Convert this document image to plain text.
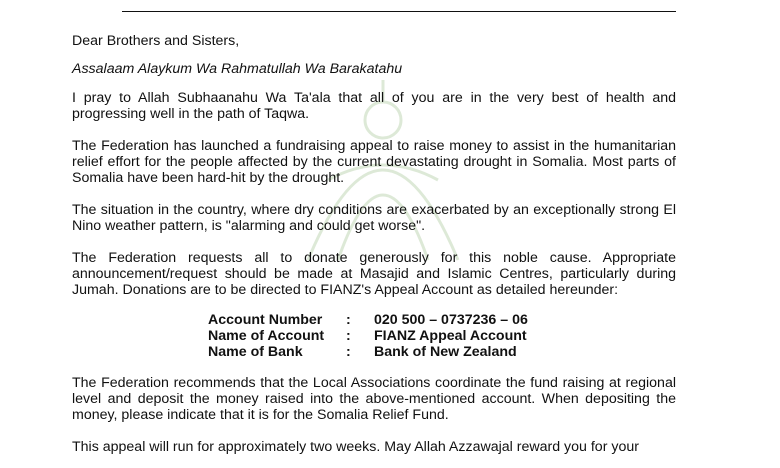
Dear Brothers and Sisters,

Assalaam Alaykum Wa Rahmatullah Wa Barakatahu

I pray to Allah Subhaanahu Wa Ta'ala that all of you are in the very best of health and progressing well in the path of Taqwa.

The Federation has launched a fundraising appeal to raise money to assist in the humanitarian relief effort for the people affected by the current devastating drought in Somalia. Most parts of Somalia have been hard-hit by the drought.

The situation in the country, where dry conditions are exacerbated by an exceptionally strong El Nino weather pattern, is "alarming and could get worse".

The Federation requests all to donate generously for this noble cause. Appropriate announcement/request should be made at Masajid and Islamic Centres, particularly during Jumah. Donations are to be directed to FIANZ's Appeal Account as detailed hereunder:

Account Number	:	020 500 – 0737236 – 06
Name of Account	:	FIANZ Appeal Account
Name of Bank	:	Bank of New Zealand

The Federation recommends that the Local Associations coordinate the fund raising at regional level and deposit the money raised into the above-mentioned account. When depositing the money, please indicate that it is for the Somalia Relief Fund.

This appeal will run for approximately two weeks. May Allah Azzawajal reward you for your
